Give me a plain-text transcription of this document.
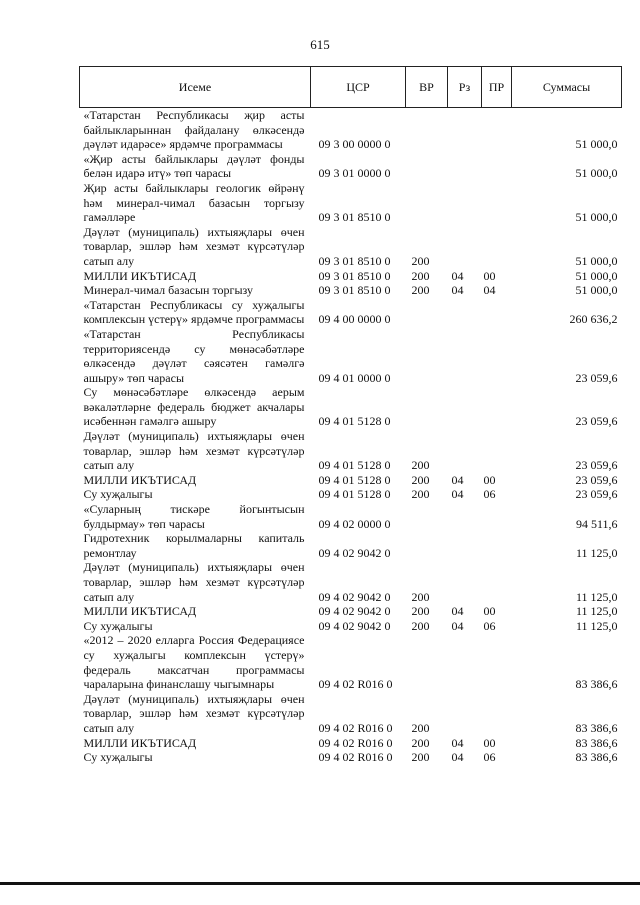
615
Исеме	ЦСР	ВР	Рз	ПР	Суммасы
«Татарстан Республикасы җир асты байлыкларыннан файдалану өлкәсендә дәүләт идарәсе» ярдәмче программасы	09 3 00 0000 0				51 000,0
«Җир асты байлыклары дәүләт фонды белән идарә итү» төп чарасы	09 3 01 0000 0				51 000,0
Җир асты байлыклары геологик өйрәнү һәм минерал-чимал базасын торгызу гамәлләре	09 3 01 8510 0				51 000,0
Дәүләт (муниципаль) ихтыяҗлары өчен товарлар, эшләр һәм хезмәт күрсәтүләр сатып алу	09 3 01 8510 0	200			51 000,0
МИЛЛИ ИКЪТИСАД	09 3 01 8510 0	200	04	00	51 000,0
Минерал-чимал базасын торгызу	09 3 01 8510 0	200	04	04	51 000,0
«Татарстан Республикасы су хуҗалыгы комплексын үстерү» ярдәмче программасы	09 4 00 0000 0				260 636,2
«Татарстан Республикасы территориясендә су мөнәсәбәтләре өлкәсендә дәүләт сәясәтен гамәлгә ашыру» төп чарасы	09 4 01 0000 0				23 059,6
Су мөнәсәбәтләре өлкәсендә аерым вәкаләтләрне федераль бюджет акчалары исәбеннән гамәлгә ашыру	09 4 01 5128 0				23 059,6
Дәүләт (муниципаль) ихтыяҗлары өчен товарлар, эшләр һәм хезмәт күрсәтүләр сатып алу	09 4 01 5128 0	200			23 059,6
МИЛЛИ ИКЪТИСАД	09 4 01 5128 0	200	04	00	23 059,6
Су хуҗалыгы	09 4 01 5128 0	200	04	06	23 059,6
«Суларның тискәре йогынтысын булдырмау» төп чарасы	09 4 02 0000 0				94 511,6
Гидротехник корылмаларны капиталь ремонтлау	09 4 02 9042 0				11 125,0
Дәүләт (муниципаль) ихтыяҗлары өчен товарлар, эшләр һәм хезмәт күрсәтүләр сатып алу	09 4 02 9042 0	200			11 125,0
МИЛЛИ ИКЪТИСАД	09 4 02 9042 0	200	04	00	11 125,0
Су хуҗалыгы	09 4 02 9042 0	200	04	06	11 125,0
«2012 – 2020 елларга Россия Федерациясе су хуҗалыгы комплексын үстерү» федераль максатчан программасы чараларына финанслашу чыгымнары	09 4 02 R016 0				83 386,6
Дәүләт (муниципаль) ихтыяҗлары өчен товарлар, эшләр һәм хезмәт күрсәтүләр сатып алу	09 4 02 R016 0	200			83 386,6
МИЛЛИ ИКЪТИСАД	09 4 02 R016 0	200	04	00	83 386,6
Су хуҗалыгы	09 4 02 R016 0	200	04	06	83 386,6
